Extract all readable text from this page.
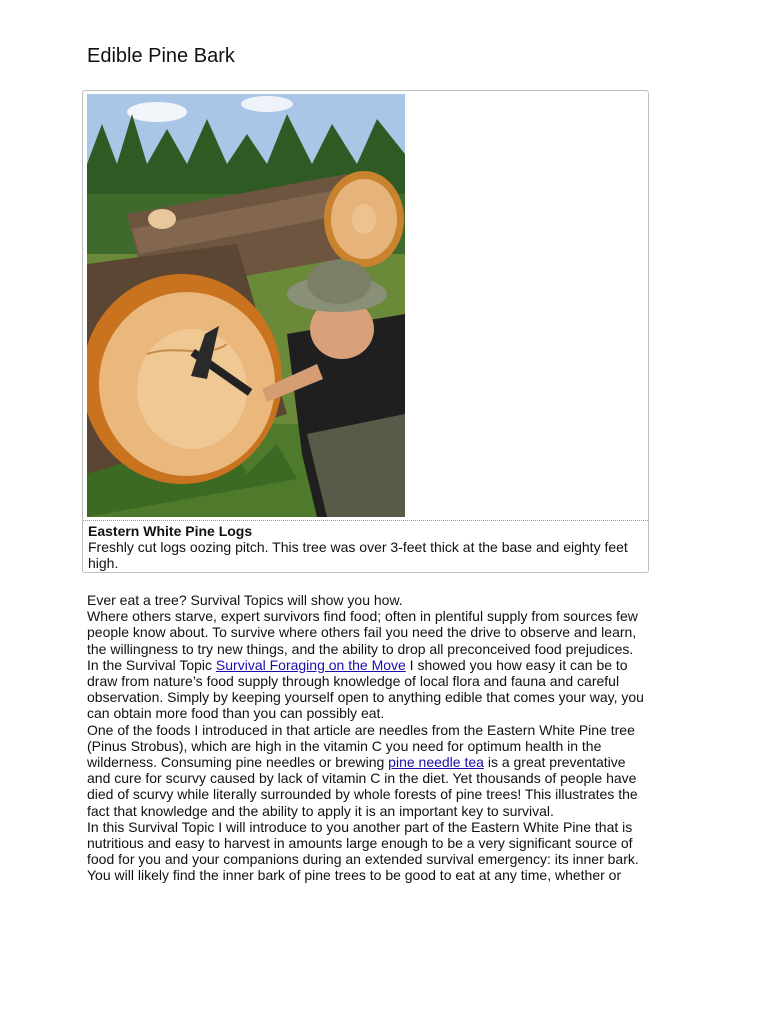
Edible Pine Bark
Eastern White Pine Logs
Freshly cut logs oozing pitch. This tree was over 3-feet thick at the base and eighty feet high.

Ever eat a tree? Survival Topics will show you how.

Where others starve, expert survivors find food; often in plentiful supply from sources few people know about. To survive where others fail you need the drive to observe and learn, the willingness to try new things, and the ability to drop all preconceived food prejudices.

In the Survival Topic Survival Foraging on the Move I showed you how easy it can be to draw from nature’s food supply through knowledge of local flora and fauna and careful observation. Simply by keeping yourself open to anything edible that comes your way, you can obtain more food than you can possibly eat.

One of the foods I introduced in that article are needles from the Eastern White Pine tree (Pinus Strobus), which are high in the vitamin C you need for optimum health in the wilderness. Consuming pine needles or brewing pine needle tea is a great preventative and cure for scurvy caused by lack of vitamin C in the diet. Yet thousands of people have died of scurvy while literally surrounded by whole forests of pine trees! This illustrates the fact that knowledge and the ability to apply it is an important key to survival.

In this Survival Topic I will introduce to you another part of the Eastern White Pine that is nutritious and easy to harvest in amounts large enough to be a very significant source of food for you and your companions during an extended survival emergency: its inner bark.

You will likely find the inner bark of pine trees to be good to eat at any time, whether or
